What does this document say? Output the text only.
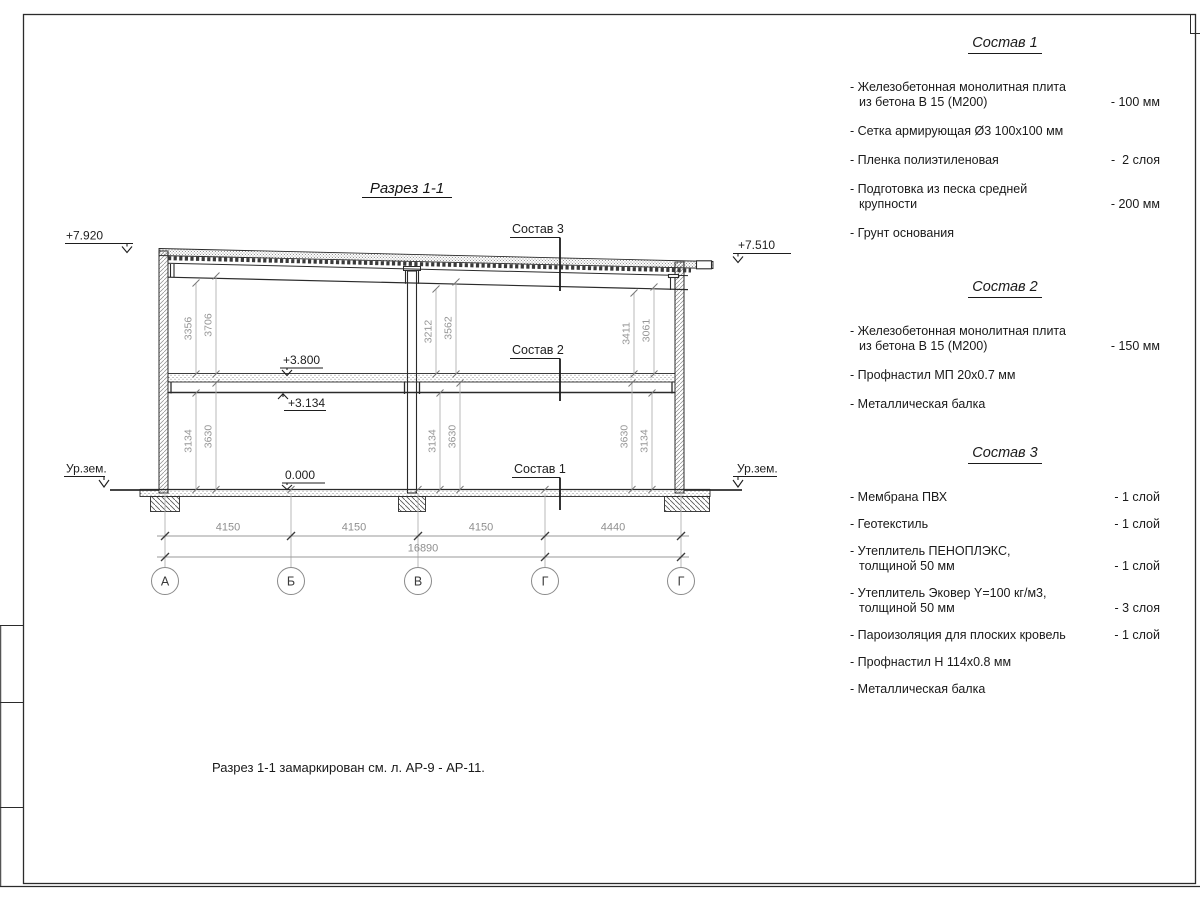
Разрез 1-1
3356 3706	3212 3562	3411 3061
3134 3630	3134 3630	3630 3134
4150	4150	4150	4440
16890
А	Б	В	Г	Г
+7.920
+7.510
+3.800
+3.134
0.000
Ур.зем.	Ур.зем.
Состав 3
Состав 2
Состав 1
Состав 1
- Железобетонная монолитная плита
из бетона В 15 (М200)	- 100 мм
- Сетка армирующая Ø3 100х100 мм
- Пленка полиэтиленовая	-  2 слоя
- Подготовка из песка средней
крупности	- 200 мм
- Грунт основания
Состав 2
- Железобетонная монолитная плита
из бетона В 15 (М200)	- 150 мм
- Профнастил МП 20х0.7 мм
- Металлическая балка
Состав 3
- Мембрана ПВХ	- 1 слой
- Геотекстиль	- 1 слой
- Утеплитель ПЕНОПЛЭКС,
толщиной 50 мм	- 1 слой
- Утеплитель Эковер Y=100 кг/м3,
толщиной 50 мм	- 3 слоя
- Пароизоляция для плоских кровель	- 1 слой
- Профнастил Н 114х0.8 мм
- Металлическая балка
Разрез 1-1 замаркирован см. л. АР-9 - АР-11.
